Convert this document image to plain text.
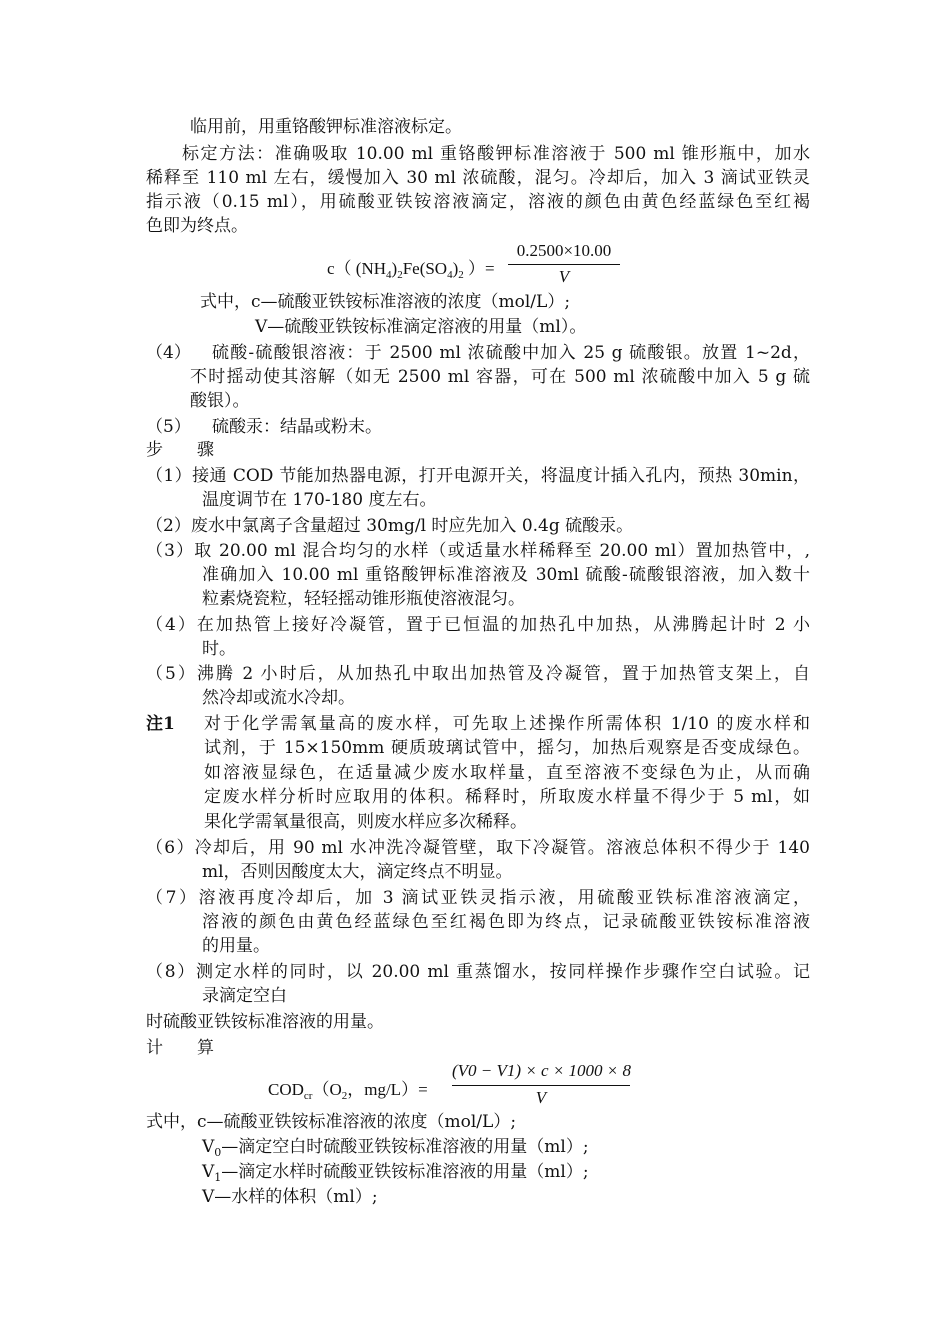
临用前，用重铬酸钾标准溶液标定。
标定方法：准确吸取 10.00 ml 重铬酸钾标准溶液于 500 ml 锥形瓶中，加水
稀释至 110 ml 左右，缓慢加入 30 ml 浓硫酸，混匀。冷却后，加入 3 滴试亚铁灵
指示液（0.15 ml），用硫酸亚铁铵溶液滴定，溶液的颜色由黄色经蓝绿色至红褐
色即为终点。
c（ $(NH_4)_2Fe(SO_4)_2$ ）=
0.2500×10.00
V
式中，c—硫酸亚铁铵标准溶液的浓度（mol/L）;
V—硫酸亚铁铵标准滴定溶液的用量（ml）。
（4） 硫酸-硫酸银溶液：于 2500 ml 浓硫酸中加入 25 g 硫酸银。放置 1~2d，
不时摇动使其溶解（如无 2500 ml 容器，可在 500 ml 浓硫酸中加入 5 g 硫
酸银）。
（5） 硫酸汞：结晶或粉末。
步　　骤
（1）接通 COD 节能加热器电源，打开电源开关，将温度计插入孔内，预热 30min，
温度调节在 170-180 度左右。
（2）废水中氯离子含量超过 30mg/l 时应先加入 0.4g 硫酸汞。
（3）取 20.00 ml 混合均匀的水样（或适量水样稀释至 20.00 ml）置加热管中，,
准确加入 10.00 ml 重铬酸钾标准溶液及 30ml 硫酸-硫酸银溶液，加入数十
粒素烧瓷粒，轻轻摇动锥形瓶使溶液混匀。
（4）在加热管上接好冷凝管，置于已恒温的加热孔中加热，从沸腾起计时 2 小
时。
（5）沸腾 2 小时后，从加热孔中取出加热管及冷凝管，置于加热管支架上，自
然冷却或流水冷却。
注1 对于化学需氧量高的废水样，可先取上述操作所需体积 1/10 的废水样和
试剂，于 15×150mm 硬质玻璃试管中，摇匀，加热后观察是否变成绿色。
如溶液显绿色，在适量减少废水取样量，直至溶液不变绿色为止，从而确
定废水样分析时应取用的体积。稀释时，所取废水样量不得少于 5 ml，如
果化学需氧量很高，则废水样应多次稀释。
（6）冷却后，用 90 ml 水冲洗冷凝管壁，取下冷凝管。溶液总体积不得少于 140
ml，否则因酸度太大，滴定终点不明显。
（7）溶液再度冷却后，加 3 滴试亚铁灵指示液，用硫酸亚铁标准溶液滴定，
溶液的颜色由黄色经蓝绿色至红褐色即为终点，记录硫酸亚铁铵标准溶液
的用量。
（8）测定水样的同时，以 20.00 ml 重蒸馏水，按同样操作步骤作空白试验。记
录滴定空白
时硫酸亚铁铵标准溶液的用量。
计　　算
$COD_{cr}(O_2$，mg/L）=
(V0 − V1) × c × 1000 × 8
V
式中，c—硫酸亚铁铵标准溶液的浓度（mol/L）;
$V_0—$滴定空白时硫酸亚铁铵标准溶液的用量（ml）;
$V_1—$滴定水样时硫酸亚铁铵标准溶液的用量（ml）;
V—水样的体积（ml）;
